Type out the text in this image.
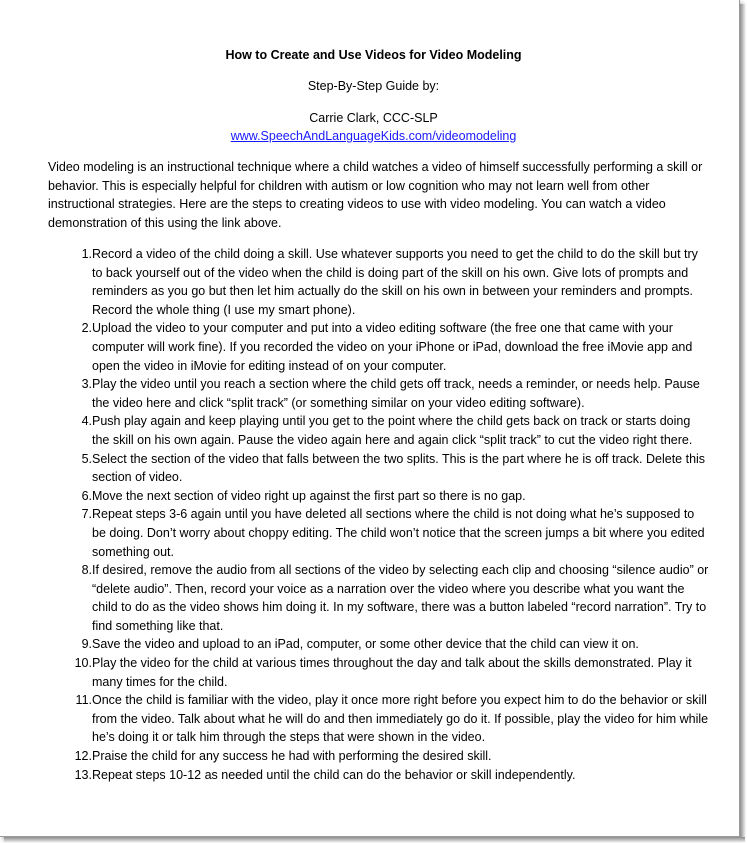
How to Create and Use Videos for Video Modeling
Step-By-Step Guide by:
Carrie Clark, CCC-SLP
www.SpeechAndLanguageKids.com/videomodeling

Video modeling is an instructional technique where a child watches a video of himself successfully performing a skill or behavior. This is especially helpful for children with autism or low cognition who may not learn well from other instructional strategies. Here are the steps to creating videos to use with video modeling. You can watch a video demonstration of this using the link above.

1. Record a video of the child doing a skill. Use whatever supports you need to get the child to do the skill but try to back yourself out of the video when the child is doing part of the skill on his own. Give lots of prompts and reminders as you go but then let him actually do the skill on his own in between your reminders and prompts. Record the whole thing (I use my smart phone).
2. Upload the video to your computer and put into a video editing software (the free one that came with your computer will work fine). If you recorded the video on your iPhone or iPad, download the free iMovie app and open the video in iMovie for editing instead of on your computer.
3. Play the video until you reach a section where the child gets off track, needs a reminder, or needs help. Pause the video here and click “split track” (or something similar on your video editing software).
4. Push play again and keep playing until you get to the point where the child gets back on track or starts doing the skill on his own again. Pause the video again here and again click “split track” to cut the video right there.
5. Select the section of the video that falls between the two splits. This is the part where he is off track. Delete this section of video.
6. Move the next section of video right up against the first part so there is no gap.
7. Repeat steps 3-6 again until you have deleted all sections where the child is not doing what he’s supposed to be doing. Don’t worry about choppy editing. The child won’t notice that the screen jumps a bit where you edited something out.
8. If desired, remove the audio from all sections of the video by selecting each clip and choosing “silence audio” or “delete audio”. Then, record your voice as a narration over the video where you describe what you want the child to do as the video shows him doing it. In my software, there was a button labeled “record narration”. Try to find something like that.
9. Save the video and upload to an iPad, computer, or some other device that the child can view it on.
10. Play the video for the child at various times throughout the day and talk about the skills demonstrated. Play it many times for the child.
11. Once the child is familiar with the video, play it once more right before you expect him to do the behavior or skill from the video. Talk about what he will do and then immediately go do it. If possible, play the video for him while he’s doing it or talk him through the steps that were shown in the video.
12. Praise the child for any success he had with performing the desired skill.
13. Repeat steps 10-12 as needed until the child can do the behavior or skill independently.
